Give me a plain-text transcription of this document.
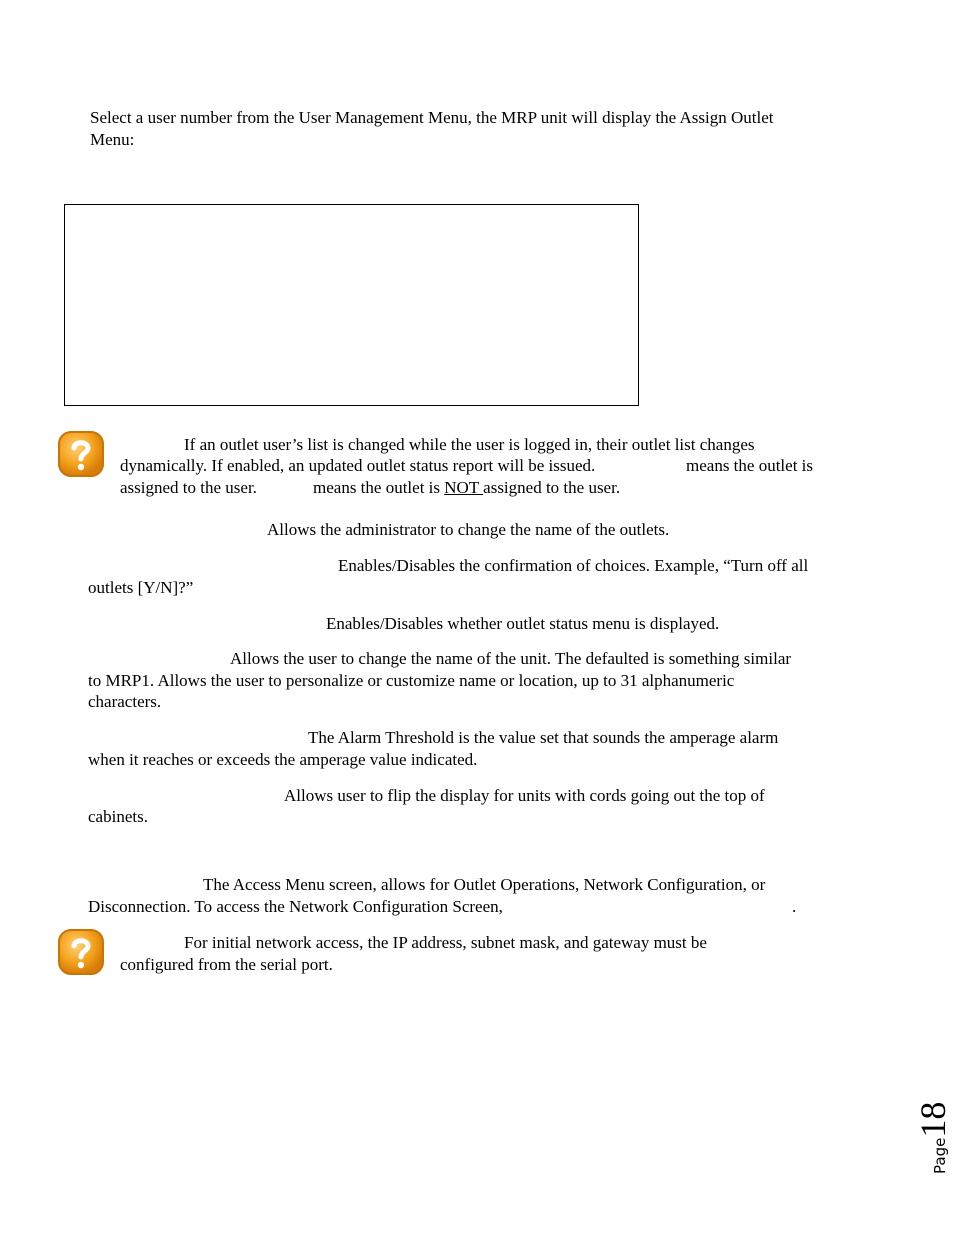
Select a user number from the User Management Menu, the MRP unit will display the Assign Outlet
Menu:
If an outlet user’s list is changed while the user is logged in, their outlet list changes
dynamically. If enabled, an updated outlet status report will be issued.	means the outlet is
assigned to the user.	means the outlet is NOT assigned to the user.
Allows the administrator to change the name of the outlets.
Enables/Disables the confirmation of choices. Example, “Turn off all
outlets [Y/N]?”
Enables/Disables whether outlet status menu is displayed.
Allows the user to change the name of the unit. The defaulted is something similar
to MRP1. Allows the user to personalize or customize name or location, up to 31 alphanumeric
characters.
The Alarm Threshold is the value set that sounds the amperage alarm
when it reaches or exceeds the amperage value indicated.
Allows user to flip the display for units with cords going out the top of
cabinets.
The Access Menu screen, allows for Outlet Operations, Network Configuration, or
Disconnection. To access the Network Configuration Screen,	.
For initial network access, the IP address, subnet mask, and gateway must be
configured from the serial port.
Page18
